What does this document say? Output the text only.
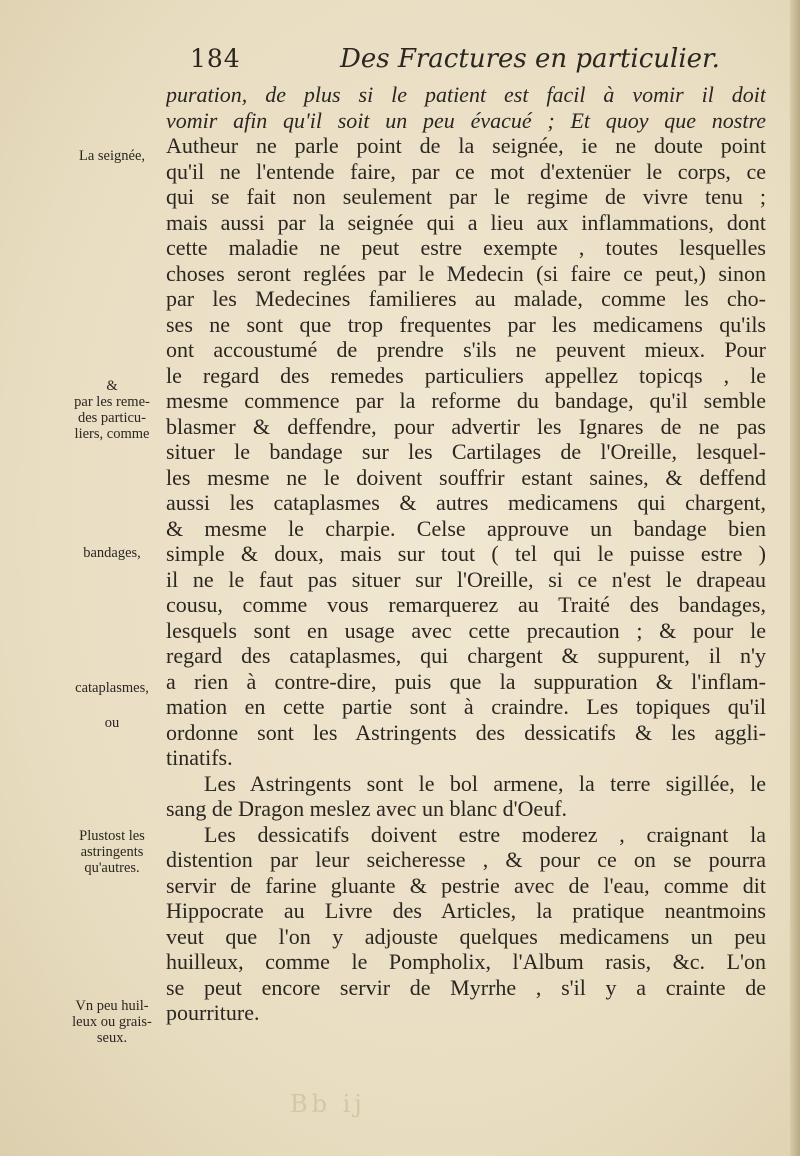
184	Des Fractures en particulier.
puration, de plus si le patient est facil à vomir il doit
vomir afin qu'il soit un peu évacué ; Et quoy que nostre
Autheur ne parle point de la seignée, ie ne doute point
qu'il ne l'entende faire, par ce mot d'extenüer le corps, ce
qui se fait non seulement par le regime de vivre tenu ;
mais aussi par la seignée qui a lieu aux inflammations, dont
cette maladie ne peut estre exempte , toutes lesquelles
choses seront reglées par le Medecin (si faire ce peut,) sinon
par les Medecines familieres au malade, comme les cho-
ses ne sont que trop frequentes par les medicamens qu'ils
ont accoustumé de prendre s'ils ne peuvent mieux. Pour
le regard des remedes particuliers appellez topicqs , le
mesme commence par la reforme du bandage, qu'il semble
blasmer & deffendre, pour advertir les Ignares de ne pas
situer le bandage sur les Cartilages de l'Oreille, lesquel-
les mesme ne le doivent souffrir estant saines, & deffend
aussi les cataplasmes & autres medicamens qui chargent,
& mesme le charpie. Celse approuve un bandage bien
simple & doux, mais sur tout ( tel qui le puisse estre )
il ne le faut pas situer sur l'Oreille, si ce n'est le drapeau
cousu, comme vous remarquerez au Traité des bandages,
lesquels sont en usage avec cette precaution ; & pour le
regard des cataplasmes, qui chargent & suppurent, il n'y
a rien à contre-dire, puis que la suppuration & l'inflam-
mation en cette partie sont à craindre. Les topiques qu'il
ordonne sont les Astringents des dessicatifs & les aggli-
tinatifs.
Les Astringents sont le bol armene, la terre sigillée, le
sang de Dragon meslez avec un blanc d'Oeuf.
Les dessicatifs doivent estre moderez , craignant la
distention par leur seicheresse , & pour ce on se pourra
servir de farine gluante & pestrie avec de l'eau, comme dit
Hippocrate au Livre des Articles, la pratique neantmoins
veut que l'on y adjouste quelques medicamens un peu
huilleux, comme le Pompholix, l'Album rasis, &c. L'on
se peut encore servir de Myrrhe , s'il y a crainte de
pourriture.
La seignée,
&
par les reme-
des particu-
liers, comme
bandages,
cataplasmes,
ou
Plustost les
astringents
qu'autres.
Vn peu huil-
leux ou grais-
seux.
Bb ij
